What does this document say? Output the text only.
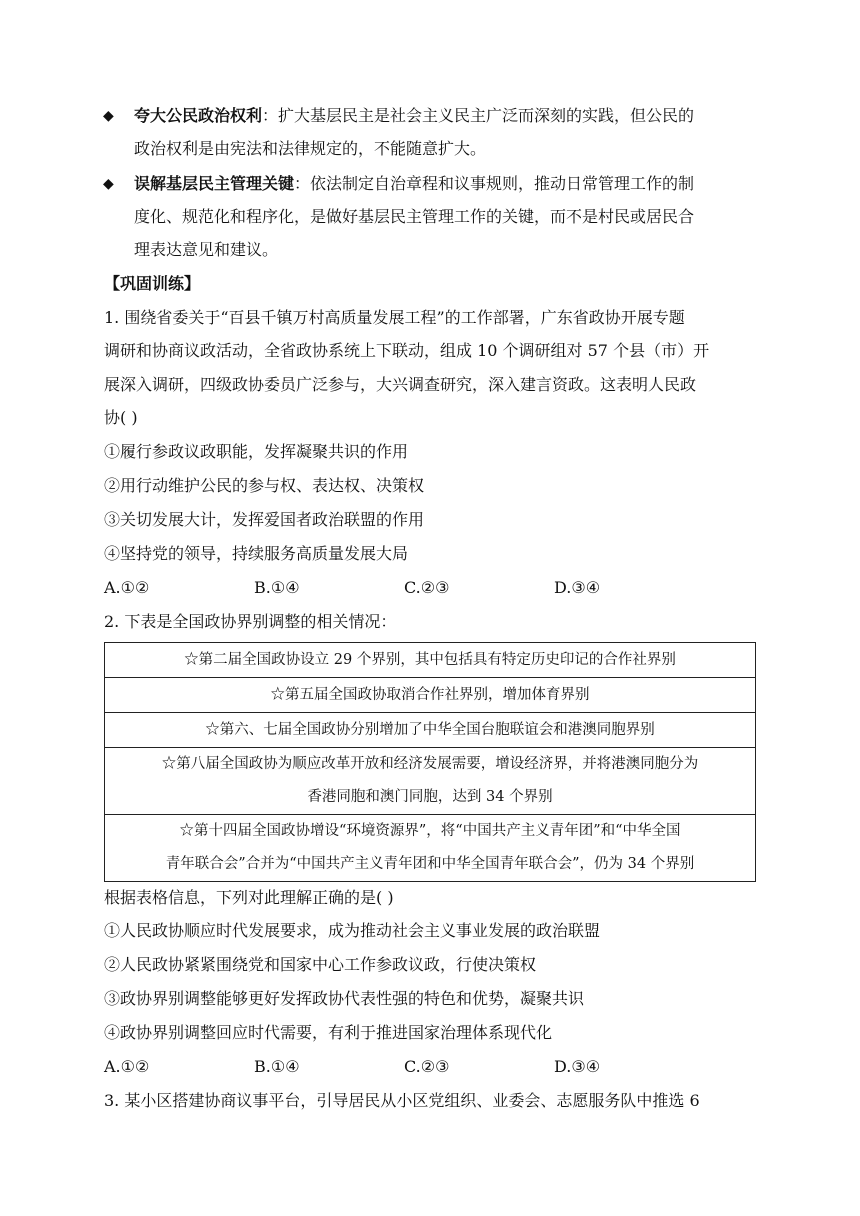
◆ 夸大公民政治权利：扩大基层民主是社会主义民主广泛而深刻的实践，但公民的
政治权利是由宪法和法律规定的，不能随意扩大。
◆ 误解基层民主管理关键：依法制定自治章程和议事规则，推动日常管理工作的制
度化、规范化和程序化，是做好基层民主管理工作的关键，而不是村民或居民合
理表达意见和建议。
【巩固训练】
1. 围绕省委关于“百县千镇万村高质量发展工程”的工作部署，广东省政协开展专题
调研和协商议政活动，全省政协系统上下联动，组成 10 个调研组对 57 个县（市）开
展深入调研，四级政协委员广泛参与，大兴调查研究，深入建言资政。这表明人民政
协( )
①履行参政议政职能，发挥凝聚共识的作用
②用行动维护公民的参与权、表达权、决策权
③关切发展大计，发挥爱国者政治联盟的作用
④坚持党的领导，持续服务高质量发展大局
A.①②	B.①④	C.②③	D.③④
2. 下表是全国政协界别调整的相关情况：
☆第二届全国政协设立 29 个界别，其中包括具有特定历史印记的合作社界别
☆第五届全国政协取消合作社界别，增加体育界别
☆第六、七届全国政协分别增加了中华全国台胞联谊会和港澳同胞界别

☆第八届全国政协为顺应改革开放和经济发展需要，增设经济界，并将港澳同胞分为
香港同胞和澳门同胞，达到 34 个界别

☆第十四届全国政协增设“环境资源界”，将“中国共产主义青年团”和“中华全国
青年联合会”合并为“中国共产主义青年团和中华全国青年联合会”，仍为 34 个界别
根据表格信息，下列对此理解正确的是( )
①人民政协顺应时代发展要求，成为推动社会主义事业发展的政治联盟
②人民政协紧紧围绕党和国家中心工作参政议政，行使决策权
③政协界别调整能够更好发挥政协代表性强的特色和优势，凝聚共识
④政协界别调整回应时代需要，有利于推进国家治理体系现代化
A.①②	B.①④	C.②③	D.③④
3. 某小区搭建协商议事平台，引导居民从小区党组织、业委会、志愿服务队中推选 6
